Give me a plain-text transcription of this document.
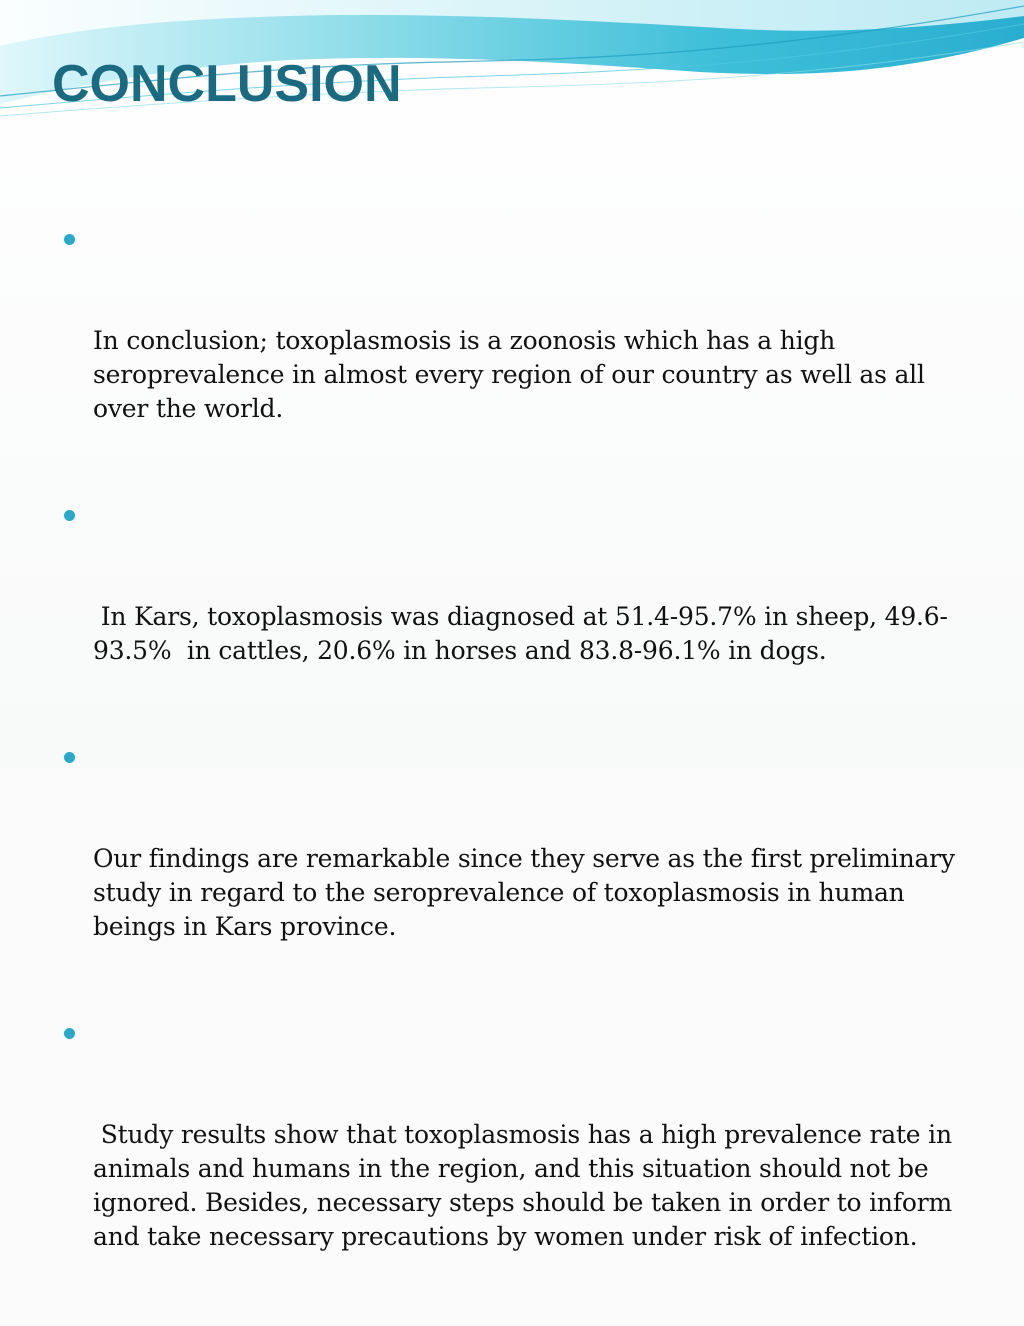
CONCLUSION

In conclusion; toxoplasmosis is a zoonosis which has a high seroprevalence in almost every region of our country as well as all over the world.

In Kars, toxoplasmosis was diagnosed at 51.4-95.7% in sheep, 49.6-93.5%  in cattles, 20.6% in horses and 83.8-96.1% in dogs.

Our findings are remarkable since they serve as the first preliminary study in regard to the seroprevalence of toxoplasmosis in human beings in Kars province.

Study results show that toxoplasmosis has a high prevalence rate in animals and humans in the region, and this situation should not be ignored. Besides, necessary steps should be taken in order to inform and take necessary precautions by women under risk of infection.
